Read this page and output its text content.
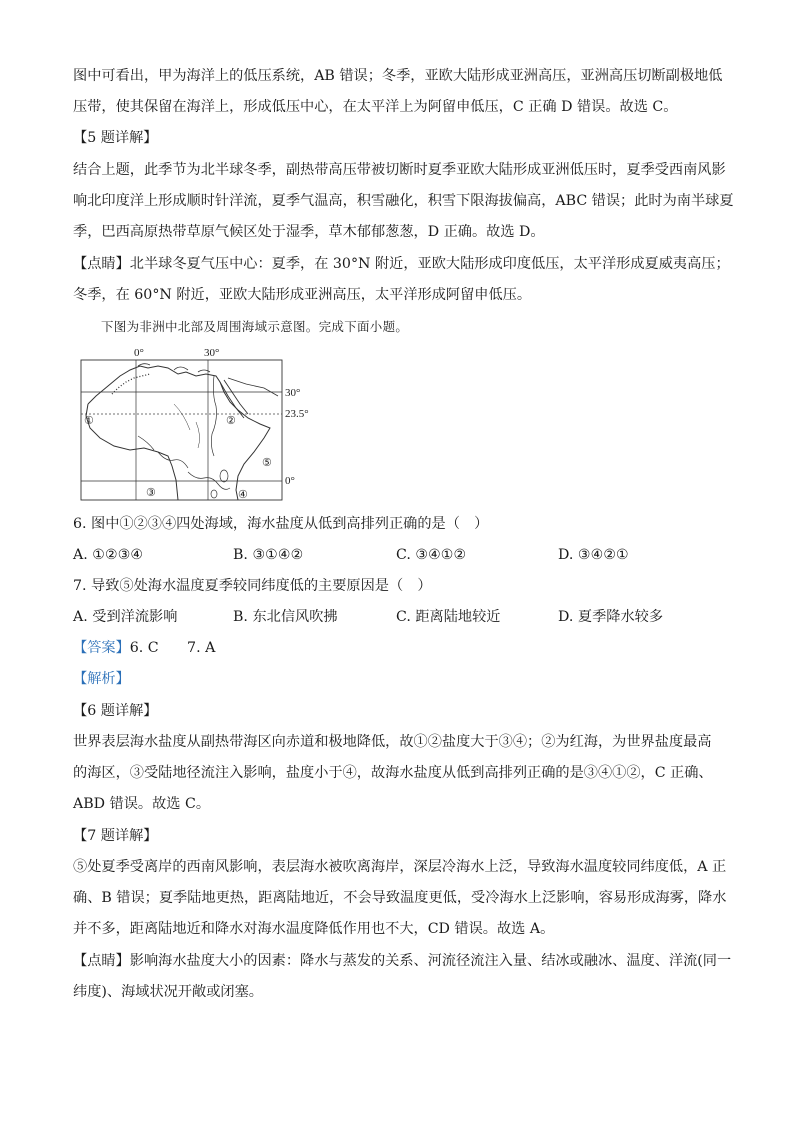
图中可看出，甲为海洋上的低压系统，AB 错误；冬季，亚欧大陆形成亚洲高压，亚洲高压切断副极地低
压带，使其保留在海洋上，形成低压中心，在太平洋上为阿留申低压，C 正确 D 错误。故选 C。
【5 题详解】
结合上题，此季节为北半球冬季，副热带高压带被切断时夏季亚欧大陆形成亚洲低压时，夏季受西南风影
响北印度洋上形成顺时针洋流，夏季气温高，积雪融化，积雪下限海拔偏高，ABC 错误；此时为南半球夏
季，巴西高原热带草原气候区处于湿季，草木郁郁葱葱，D 正确。故选 D。
【点睛】北半球冬夏气压中心：夏季，在 30°N 附近，亚欧大陆形成印度低压，太平洋形成夏威夷高压；
冬季，在 60°N 附近，亚欧大陆形成亚洲高压，太平洋形成阿留申低压。
下图为非洲中北部及周围海域示意图。完成下面小题。
0°	30°
30°
23.5°
0°
①	②
③	④
⑤
6. 图中①②③④四处海域，海水盐度从低到高排列正确的是（　）
A. ①②③④	B. ③①④②	C. ③④①②	D. ③④②①
7. 导致⑤处海水温度夏季较同纬度低的主要原因是（　）
A. 受到洋流影响	B. 东北信风吹拂	C. 距离陆地较近	D. 夏季降水较多
【答案】6. C　　7. A
【解析】
【6 题详解】
世界表层海水盐度从副热带海区向赤道和极地降低，故①②盐度大于③④；②为红海，为世界盐度最高
的海区，③受陆地径流注入影响，盐度小于④，故海水盐度从低到高排列正确的是③④①②，C 正确、
ABD 错误。故选 C。
【7 题详解】
⑤处夏季受离岸的西南风影响，表层海水被吹离海岸，深层冷海水上泛，导致海水温度较同纬度低，A 正
确、B 错误；夏季陆地更热，距离陆地近，不会导致温度更低，受冷海水上泛影响，容易形成海雾，降水
并不多，距离陆地近和降水对海水温度降低作用也不大，CD 错误。故选 A。
【点睛】影响海水盐度大小的因素：降水与蒸发的关系、河流径流注入量、结冰或融冰、温度、洋流(同一
纬度)、海域状况开敞或闭塞。
